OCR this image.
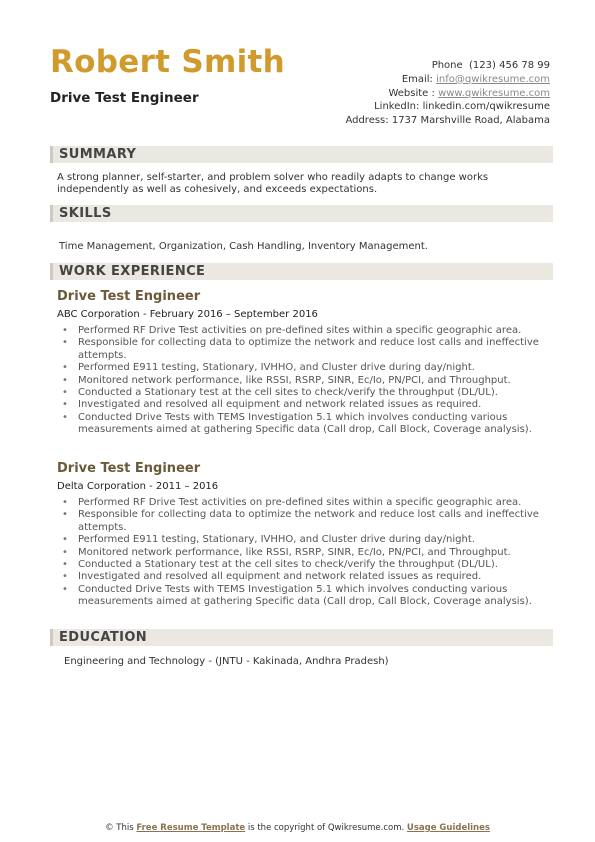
Robert Smith
Drive Test Engineer
Phone (123) 456 78 99
Email: info@qwikresume.com
Website : www.qwikresume.com
LinkedIn: linkedin.com/qwikresume
Address: 1737 Marshville Road, Alabama
SUMMARY
A strong planner, self-starter, and problem solver who readily adapts to change works independently as well as cohesively, and exceeds expectations.
SKILLS
Time Management, Organization, Cash Handling, Inventory Management.
WORK EXPERIENCE
Drive Test Engineer
ABC Corporation - February 2016 – September 2016
• Performed RF Drive Test activities on pre-defined sites within a specific geographic area.
• Responsible for collecting data to optimize the network and reduce lost calls and ineffective attempts.
• Performed E911 testing, Stationary, IVHHO, and Cluster drive during day/night.
• Monitored network performance, like RSSI, RSRP, SINR, Ec/Io, PN/PCI, and Throughput.
• Conducted a Stationary test at the cell sites to check/verify the throughput (DL/UL).
• Investigated and resolved all equipment and network related issues as required.
• Conducted Drive Tests with TEMS Investigation 5.1 which involves conducting various measurements aimed at gathering Specific data (Call drop, Call Block, Coverage analysis).
Drive Test Engineer
Delta Corporation - 2011 – 2016
• Performed RF Drive Test activities on pre-defined sites within a specific geographic area.
• Responsible for collecting data to optimize the network and reduce lost calls and ineffective attempts.
• Performed E911 testing, Stationary, IVHHO, and Cluster drive during day/night.
• Monitored network performance, like RSSI, RSRP, SINR, Ec/Io, PN/PCI, and Throughput.
• Conducted a Stationary test at the cell sites to check/verify the throughput (DL/UL).
• Investigated and resolved all equipment and network related issues as required.
• Conducted Drive Tests with TEMS Investigation 5.1 which involves conducting various measurements aimed at gathering Specific data (Call drop, Call Block, Coverage analysis).
EDUCATION
Engineering and Technology - (JNTU - Kakinada, Andhra Pradesh)
© This Free Resume Template is the copyright of Qwikresume.com. Usage Guidelines
